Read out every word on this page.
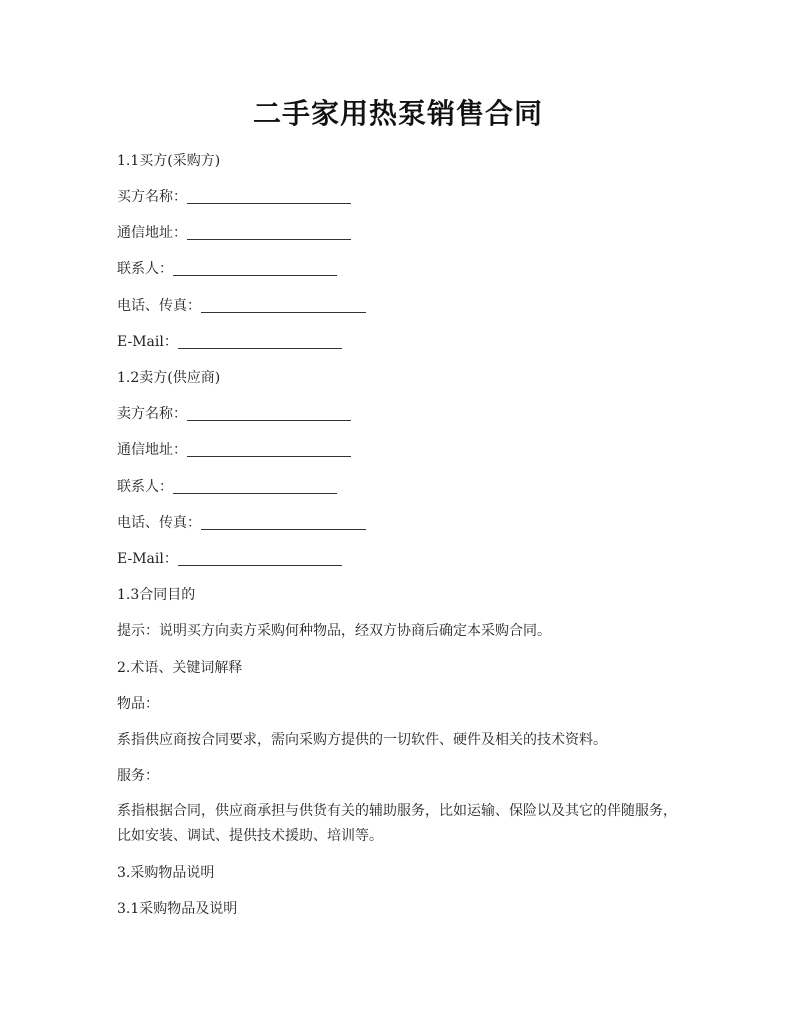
二手家用热泵销售合同
1.1买方(采购方)
买方名称：
通信地址：
联系人：
电话、传真：
E-Mail：
1.2卖方(供应商)
卖方名称：
通信地址：
联系人：
电话、传真：
E-Mail：
1.3合同目的
提示：说明买方向卖方采购何种物品，经双方协商后确定本采购合同。
2.术语、关键词解释
物品：
系指供应商按合同要求，需向采购方提供的一切软件、硬件及相关的技术资料。
服务：
系指根据合同，供应商承担与供货有关的辅助服务，比如运输、保险以及其它的伴随服务，比如安装、调试、提供技术援助、培训等。
3.采购物品说明
3.1采购物品及说明
